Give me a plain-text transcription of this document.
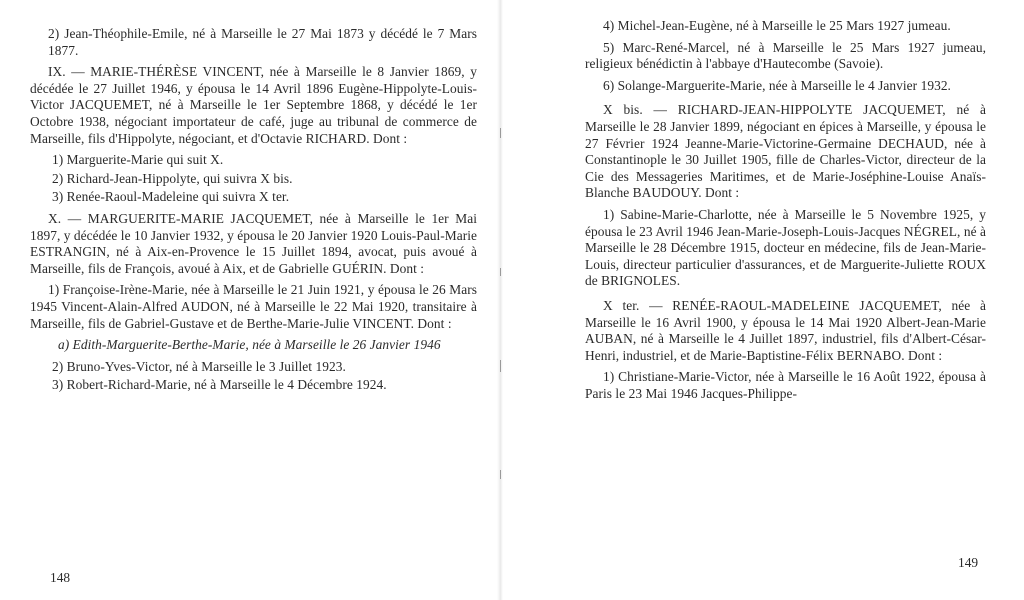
2) Jean-Théophile-Emile, né à Marseille le 27 Mai 1873 y décédé le 7 Mars 1877.

IX. — MARIE-THÉRÈSE VINCENT, née à Marseille le 8 Janvier 1869, y décédée le 27 Juillet 1946, y épousa le 14 Avril 1896 Eugène-Hippolyte-Louis-Victor JACQUEMET, né à Marseille le 1er Septembre 1868, y décédé le 1er Octobre 1938, négociant importateur de café, juge au tribunal de commerce de Marseille, fils d'Hippolyte, négociant, et d'Octavie RICHARD. Dont :

1) Marguerite-Marie qui suit X.

2) Richard-Jean-Hippolyte, qui suivra X bis.

3) Renée-Raoul-Madeleine qui suivra X ter.

X. — MARGUERITE-MARIE JACQUEMET, née à Marseille le 1er Mai 1897, y décédée le 10 Janvier 1932, y épousa le 20 Janvier 1920 Louis-Paul-Marie ESTRANGIN, né à Aix-en-Provence le 15 Juillet 1894, avocat, puis avoué à Marseille, fils de François, avoué à Aix, et de Gabrielle GUÉRIN. Dont :

1) Françoise-Irène-Marie, née à Marseille le 21 Juin 1921, y épousa le 26 Mars 1945 Vincent-Alain-Alfred AUDON, né à Marseille le 22 Mai 1920, transitaire à Marseille, fils de Gabriel-Gustave et de Berthe-Marie-Julie VINCENT. Dont :

a) Edith-Marguerite-Berthe-Marie, née à Marseille le 26 Janvier 1946

2) Bruno-Yves-Victor, né à Marseille le 3 Juillet 1923.

3) Robert-Richard-Marie, né à Marseille le 4 Décembre 1924.

4) Michel-Jean-Eugène, né à Marseille le 25 Mars 1927 jumeau.

5) Marc-René-Marcel, né à Marseille le 25 Mars 1927 jumeau, religieux bénédictin à l'abbaye d'Hautecombe (Savoie).

6) Solange-Marguerite-Marie, née à Marseille le 4 Janvier 1932.

X bis. — RICHARD-JEAN-HIPPOLYTE JACQUEMET, né à Marseille le 28 Janvier 1899, négociant en épices à Marseille, y épousa le 27 Février 1924 Jeanne-Marie-Victorine-Germaine DECHAUD, née à Constantinople le 30 Juillet 1905, fille de Charles-Victor, directeur de la Cie des Messageries Maritimes, et de Marie-Joséphine-Louise Anaïs-Blanche BAUDOUY. Dont :

1) Sabine-Marie-Charlotte, née à Marseille le 5 Novembre 1925, y épousa le 23 Avril 1946 Jean-Marie-Joseph-Louis-Jacques NÉGREL, né à Marseille le 28 Décembre 1915, docteur en médecine, fils de Jean-Marie-Louis, directeur particulier d'assurances, et de Marguerite-Juliette ROUX de BRIGNOLES.

X ter. — RENÉE-RAOUL-MADELEINE JACQUEMET, née à Marseille le 16 Avril 1900, y épousa le 14 Mai 1920 Albert-Jean-Marie AUBAN, né à Marseille le 4 Juillet 1897, industriel, fils d'Albert-César-Henri, industriel, et de Marie-Baptistine-Félix BERNABO. Dont :

1) Christiane-Marie-Victor, née à Marseille le 16 Août 1922, épousa à Paris le 23 Mai 1946 Jacques-Philippe-

148
149
